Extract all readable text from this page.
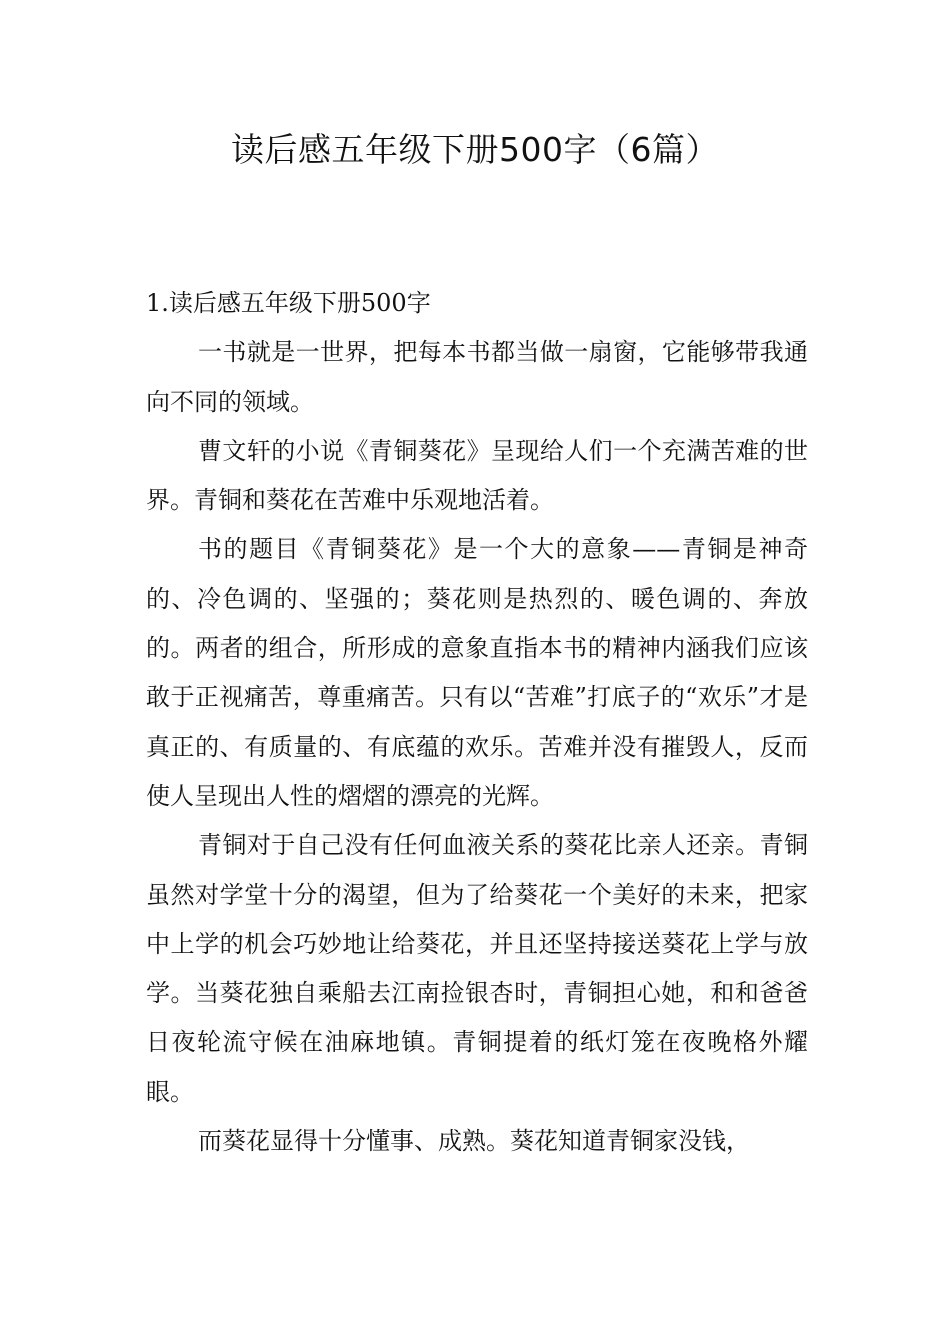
读后感五年级下册500字（6篇）
1.读后感五年级下册500字

一书就是一世界，把每本书都当做一扇窗，它能够带我通向不同的领域。

曹文轩的小说《青铜葵花》呈现给人们一个充满苦难的世界。青铜和葵花在苦难中乐观地活着。

书的题目《青铜葵花》是一个大的意象——青铜是神奇的、冷色调的、坚强的；葵花则是热烈的、暖色调的、奔放的。两者的组合，所形成的意象直指本书的精神内涵我们应该敢于正视痛苦，尊重痛苦。只有以“苦难”打底子的“欢乐”才是真正的、有质量的、有底蕴的欢乐。苦难并没有摧毁人，反而使人呈现出人性的熠熠的漂亮的光辉。

青铜对于自己没有任何血液关系的葵花比亲人还亲。青铜虽然对学堂十分的渴望，但为了给葵花一个美好的未来，把家中上学的机会巧妙地让给葵花，并且还坚持接送葵花上学与放学。当葵花独自乘船去江南捡银杏时，青铜担心她，和和爸爸日夜轮流守候在油麻地镇。青铜提着的纸灯笼在夜晚格外耀眼。

而葵花显得十分懂事、成熟。葵花知道青铜家没钱，
